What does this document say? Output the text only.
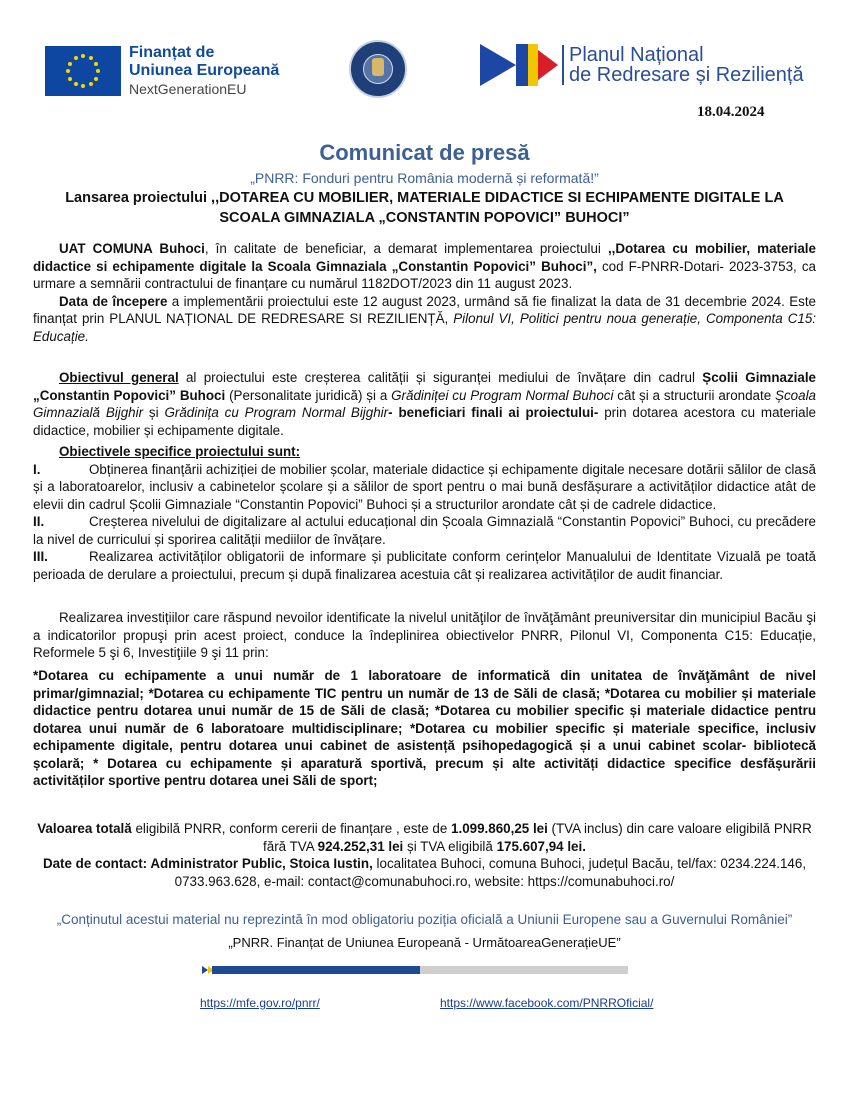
Finanțat de
Uniunea Europeană
NextGenerationEU
Planul Național
de Redresare și Reziliență
18.04.2024
Comunicat de presă
„PNRR: Fonduri pentru România modernă și reformată!”
Lansarea proiectului ,,DOTAREA CU MOBILIER, MATERIALE DIDACTICE SI ECHIPAMENTE DIGITALE LA
SCOALA GIMNAZIALA „CONSTANTIN POPOVICI” BUHOCI”
UAT COMUNA Buhoci, în calitate de beneficiar, a demarat implementarea proiectului ,,Dotarea cu mobilier, materiale didactice si echipamente digitale la Scoala Gimnaziala „Constantin Popovici” Buhoci”, cod F-PNRR-Dotari- 2023-3753, ca urmare a semnării contractului de finanțare cu numărul 1182DOT/2023 din 11 august 2023.
Data de începere a implementării proiectului este 12 august 2023, urmând să fie finalizat la data de 31 decembrie 2024. Este finanțat prin PLANUL NAȚIONAL DE REDRESARE SI REZILIENȚĂ, Pilonul VI, Politici pentru noua generație, Componenta C15: Educație.
Obiectivul general al proiectului este creșterea calității și siguranței mediului de învățare din cadrul Școlii Gimnaziale „Constantin Popovici” Buhoci (Personalitate juridică) și a Grădiniței cu Program Normal Buhoci cât și a structurii arondate Școala Gimnazială Bijghir și Grădinița cu Program Normal Bijghir- beneficiari finali ai proiectului- prin dotarea acestora cu materiale didactice, mobilier și echipamente digitale.
Obiectivele specifice proiectului sunt:
I.	Obținerea finanțării achiziției de mobilier școlar, materiale didactice și echipamente digitale necesare dotării sălilor de clasă și a laboratoarelor, inclusiv a cabinetelor școlare și a sălilor de sport pentru o mai bună desfășurare a activităților didactice atât de elevii din cadrul Școlii Gimnaziale “Constantin Popovici” Buhoci și a structurilor arondate cât și de cadrele didactice.
II.	Creșterea nivelului de digitalizare al actului educațional din Școala Gimnazială “Constantin Popovici” Buhoci, cu precădere la nivel de curricului și sporirea calității mediilor de învățare.
III.	Realizarea activităților obligatorii de informare și publicitate conform cerințelor Manualului de Identitate Vizuală pe toată perioada de derulare a proiectului, precum și după finalizarea acestuia cât și realizarea activităților de audit financiar.
Realizarea investițiilor care răspund nevoilor identificate la nivelul unităţilor de învăţământ preuniversitar din municipiul Bacău şi a indicatorilor propuşi prin acest proiect, conduce la îndeplinirea obiectivelor PNRR, Pilonul VI, Componenta C15: Educație, Reformele 5 şi 6, Investiţiile 9 şi 11 prin:
*Dotarea cu echipamente a unui număr de 1 laboratoare de informatică din unitatea de învăţământ de nivel primar/gimnazial; *Dotarea cu echipamente TIC pentru un număr de 13 de Săli de clasă; *Dotarea cu mobilier și materiale didactice pentru dotarea unui număr de 15 de Săli de clasă; *Dotarea cu mobilier specific și materiale didactice pentru dotarea unui număr de 6 laboratoare multidisciplinare; *Dotarea cu mobilier specific și materiale specifice, inclusiv echipamente digitale, pentru dotarea unui cabinet de asistență psihopedagogică și a unui cabinet scolar- bibliotecă școlară; * Dotarea cu echipamente și aparatură sportivă, precum și alte activități didactice specifice desfășurării activităților sportive pentru dotarea unei Săli de sport;
Valoarea totală eligibilă PNRR, conform cererii de finanțare , este de 1.099.860,25 lei (TVA inclus) din care valoare eligibilă PNRR fără TVA 924.252,31 lei și TVA eligibilă 175.607,94 lei.
Date de contact: Administrator Public, Stoica Iustin, localitatea Buhoci, comuna Buhoci, județul Bacău, tel/fax: 0234.224.146, 0733.963.628, e-mail: contact@comunabuhoci.ro, website: https://comunabuhoci.ro/
„Conținutul acestui material nu reprezintă în mod obligatoriu poziția oficială a Uniunii Europene sau a Guvernului României”
„PNRR. Finanțat de Uniunea Europeană - UrmătoareaGenerațieUE”
https://mfe.gov.ro/pnrr/	https://www.facebook.com/PNRROficial/
